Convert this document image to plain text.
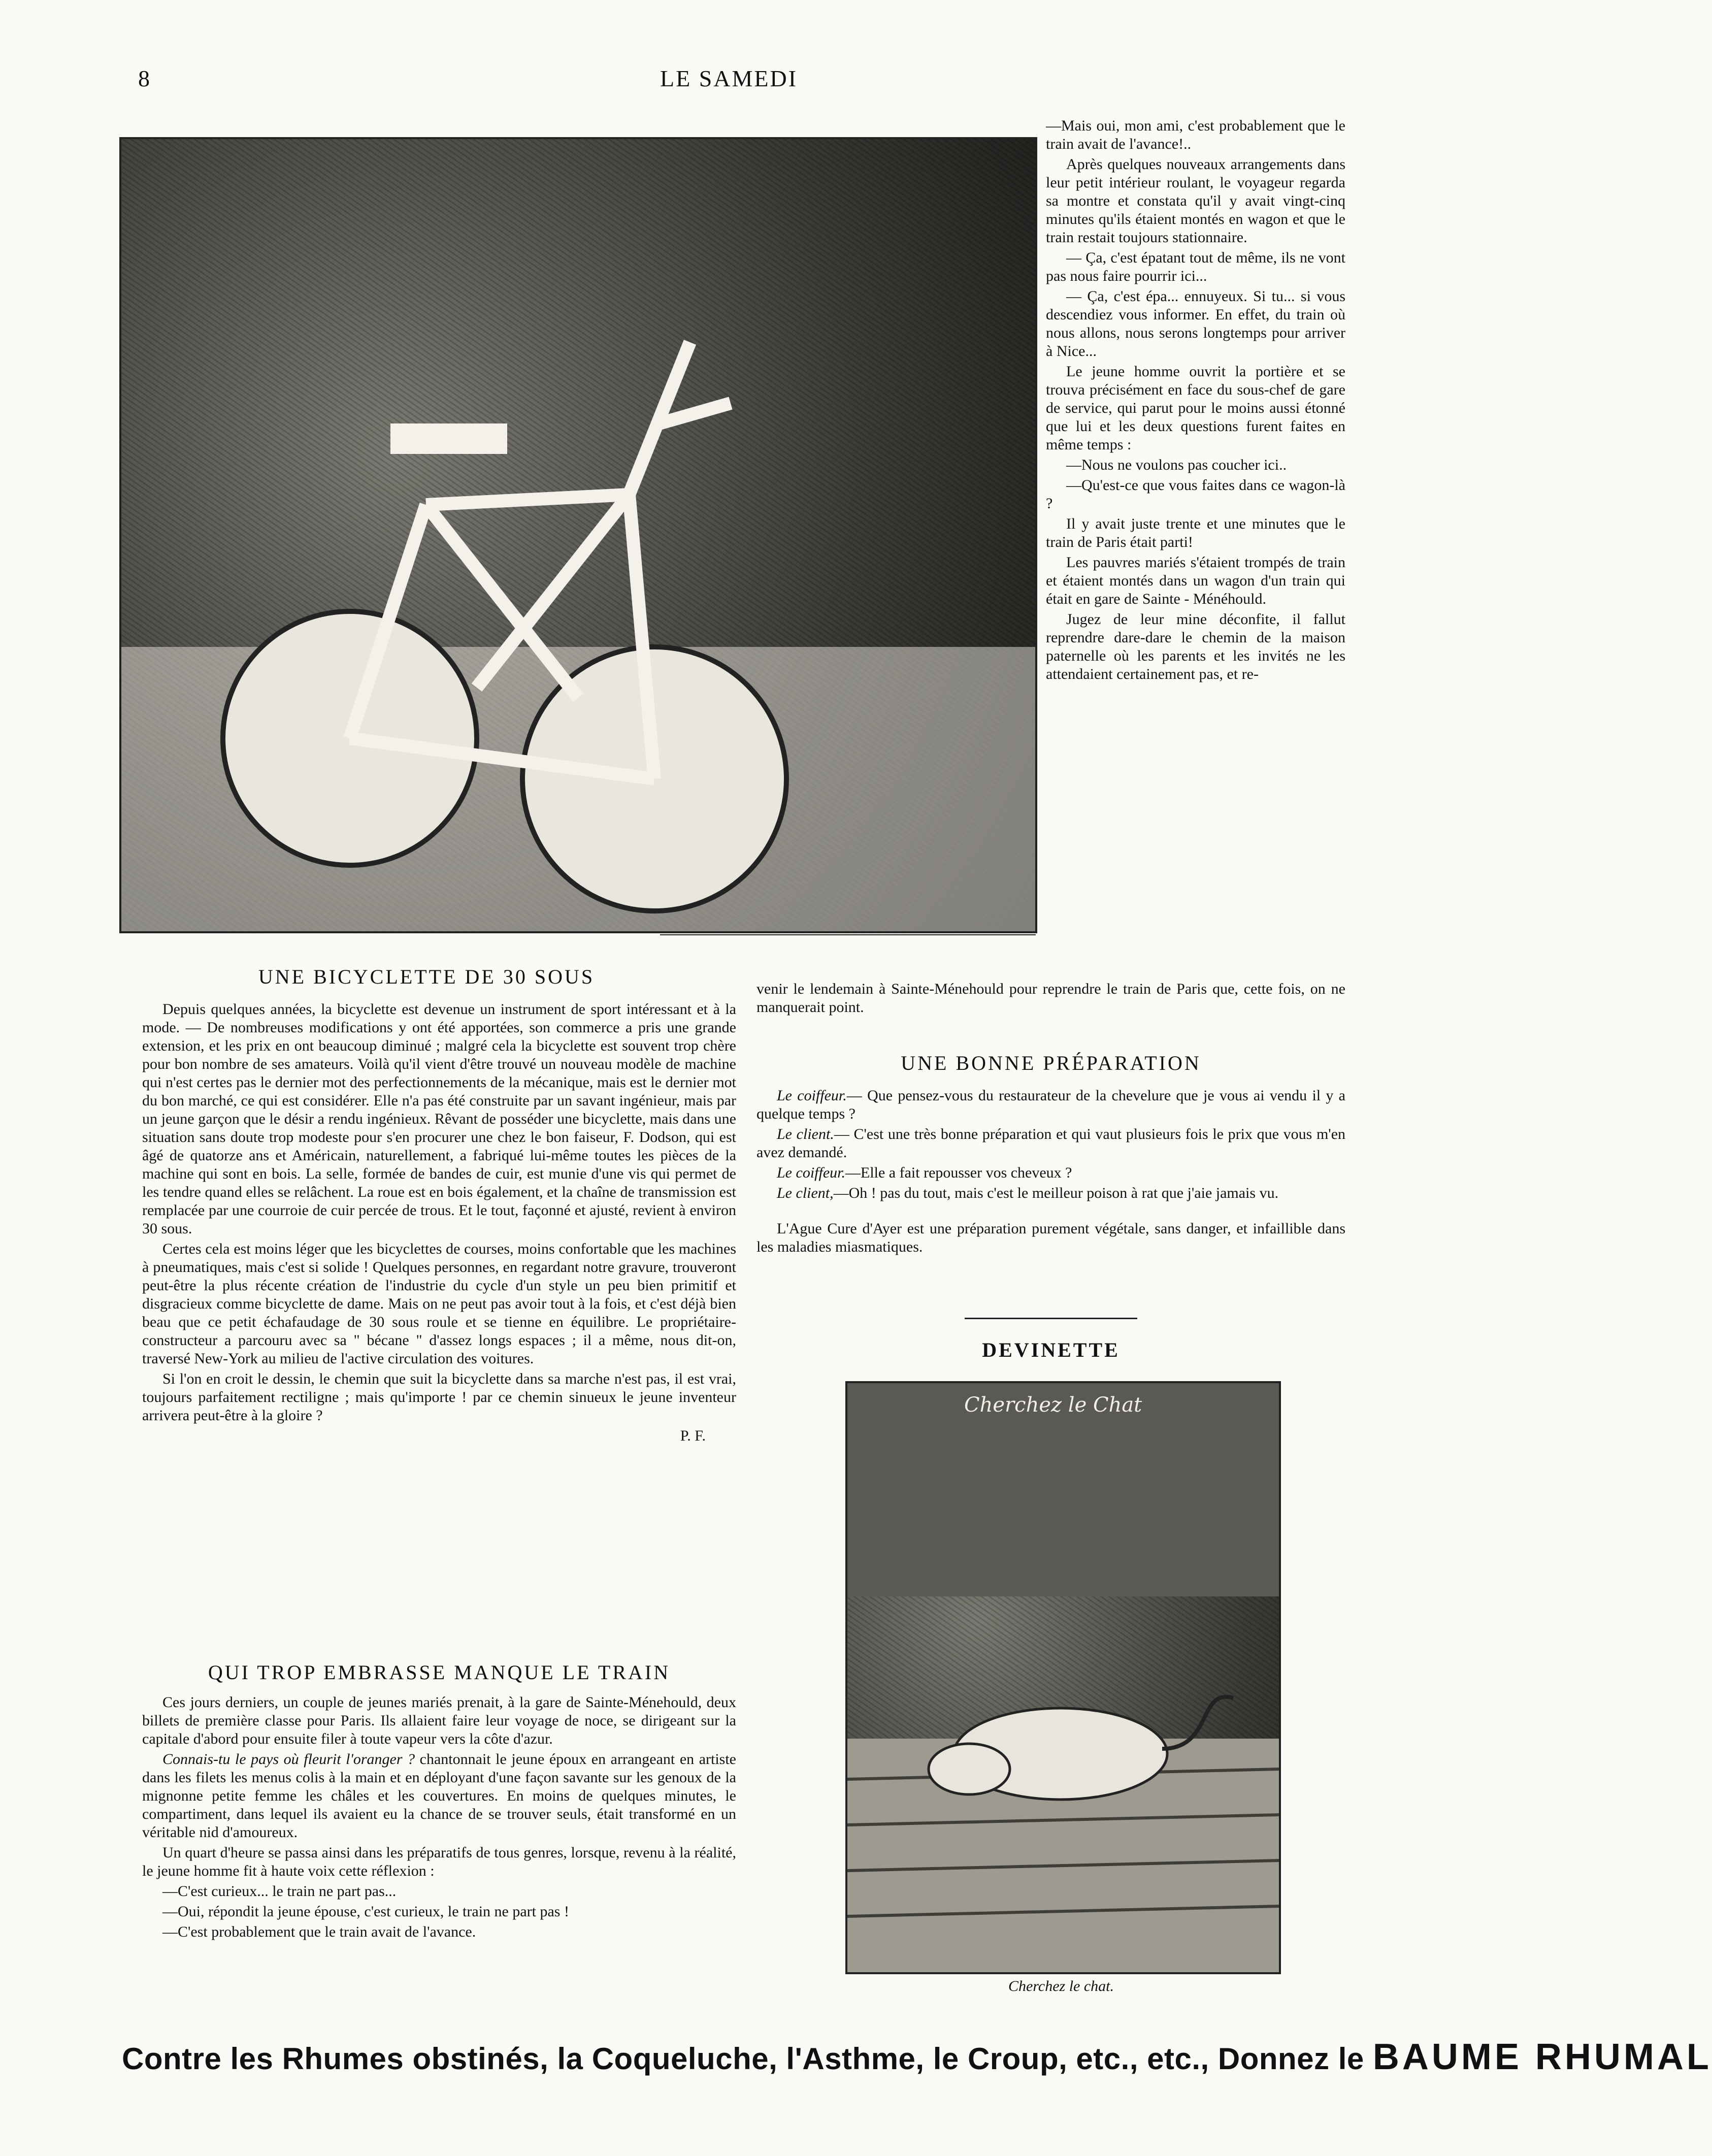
8	LE SAMEDI

—Mais oui, mon ami, c'est probablement que le train avait de l'avance!..

Après quelques nouveaux arrangements dans leur petit intérieur roulant, le voyageur regarda sa montre et constata qu'il y avait vingt-cinq minutes qu'ils étaient montés en wagon et que le train restait toujours stationnaire.

— Ça, c'est épatant tout de même, ils ne vont pas nous faire pourrir ici...

— Ça, c'est épa... ennuyeux. Si tu... si vous descendiez vous informer. En effet, du train où nous allons, nous serons longtemps pour arriver à Nice...

Le jeune homme ouvrit la portière et se trouva précisément en face du sous-chef de gare de service, qui parut pour le moins aussi étonné que lui et les deux questions furent faites en même temps :

—Nous ne voulons pas coucher ici..

—Qu'est-ce que vous faites dans ce wagon-là ?

Il y avait juste trente et une minutes que le train de Paris était parti!

Les pauvres mariés s'étaient trompés de train et étaient montés dans un wagon d'un train qui était en gare de Sainte - Ménéhould.

Jugez de leur mine déconfite, il fallut reprendre dare-dare le chemin de la maison paternelle où les parents et les invités ne les attendaient certainement pas, et re-

venir le lendemain à Sainte-Ménehould pour reprendre le train de Paris que, cette fois, on ne manquerait point.

UNE BICYCLETTE DE 30 SOUS

Depuis quelques années, la bicyclette est devenue un instrument de sport intéressant et à la mode. — De nombreuses modifications y ont été apportées, son commerce a pris une grande extension, et les prix en ont beaucoup diminué ; malgré cela la bicyclette est souvent trop chère pour bon nombre de ses amateurs. Voilà qu'il vient d'être trouvé un nouveau modèle de machine qui n'est certes pas le dernier mot des perfectionnements de la mécanique, mais est le dernier mot du bon marché, ce qui est considérer. Elle n'a pas été construite par un savant ingénieur, mais par un jeune garçon que le désir a rendu ingénieux. Rêvant de posséder une bicyclette, mais dans une situation sans doute trop modeste pour s'en procurer une chez le bon faiseur, F. Dodson, qui est âgé de quatorze ans et Américain, naturellement, a fabriqué lui-même toutes les pièces de la machine qui sont en bois. La selle, formée de bandes de cuir, est munie d'une vis qui permet de les tendre quand elles se relâchent. La roue est en bois également, et la chaîne de transmission est remplacée par une courroie de cuir percée de trous. Et le tout, façonné et ajusté, revient à environ 30 sous.

Certes cela est moins léger que les bicyclettes de courses, moins confortable que les machines à pneumatiques, mais c'est si solide ! Quelques personnes, en regardant notre gravure, trouveront peut-être la plus récente création de l'industrie du cycle d'un style un peu bien primitif et disgracieux comme bicyclette de dame. Mais on ne peut pas avoir tout à la fois, et c'est déjà bien beau que ce petit échafaudage de 30 sous roule et se tienne en équilibre. Le propriétaire-constructeur a parcouru avec sa " bécane " d'assez longs espaces ; il a même, nous dit-on, traversé New-York au milieu de l'active circulation des voitures.

Si l'on en croit le dessin, le chemin que suit la bicyclette dans sa marche n'est pas, il est vrai, toujours parfaitement rectiligne ; mais qu'importe ! par ce chemin sinueux le jeune inventeur arrivera peut-être à la gloire ?

P. F.

QUI TROP EMBRASSE MANQUE LE TRAIN

Ces jours derniers, un couple de jeunes mariés prenait, à la gare de Sainte-Ménehould, deux billets de première classe pour Paris. Ils allaient faire leur voyage de noce, se dirigeant sur la capitale d'abord pour ensuite filer à toute vapeur vers la côte d'azur.

Connais-tu le pays où fleurit l'oranger ? chantonnait le jeune époux en arrangeant en artiste dans les filets les menus colis à la main et en déployant d'une façon savante sur les genoux de la mignonne petite femme les châles et les couvertures. En moins de quelques minutes, le compartiment, dans lequel ils avaient eu la chance de se trouver seuls, était transformé en un véritable nid d'amoureux.

Un quart d'heure se passa ainsi dans les préparatifs de tous genres, lorsque, revenu à la réalité, le jeune homme fit à haute voix cette réflexion :

—C'est curieux... le train ne part pas...

—Oui, répondit la jeune épouse, c'est curieux, le train ne part pas !

—C'est probablement que le train avait de l'avance.

UNE BONNE PRÉPARATION

Le coiffeur.— Que pensez-vous du restaurateur de la chevelure que je vous ai vendu il y a quelque temps ?

Le client.— C'est une très bonne préparation et qui vaut plusieurs fois le prix que vous m'en avez demandé.

Le coiffeur.—Elle a fait repousser vos cheveux ?

Le client,—Oh ! pas du tout, mais c'est le meilleur poison à rat que j'aie jamais vu.

L'Ague Cure d'Ayer est une préparation purement végétale, sans danger, et infaillible dans les maladies miasmatiques.

DEVINETTE
Cherchez le Chat
Cherchez le chat.
Contre les Rhumes obstinés, la Coqueluche, l'Asthme, le Croup, etc., etc., Donnez le BAUME RHUMAL
